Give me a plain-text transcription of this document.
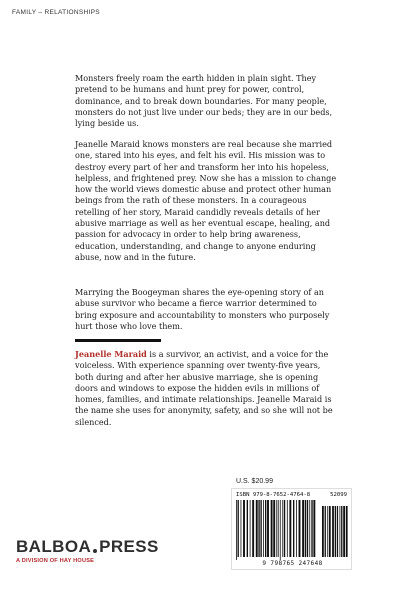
FAMILY – RELATIONSHIPS

Monsters freely roam the earth hidden in plain sight. They pretend to be humans and hunt prey for power, control, dominance, and to break down boundaries. For many people, monsters do not just live under our beds; they are in our beds, lying beside us.

Jeanelle Maraid knows monsters are real because she married one, stared into his eyes, and felt his evil. His mission was to destroy every part of her and transform her into his hopeless, helpless, and frightened prey. Now she has a mission to change how the world views domestic abuse and protect other human beings from the rath of these monsters. In a courageous retelling of her story, Maraid candidly reveals details of her abusive marriage as well as her eventual escape, healing, and passion for advocacy in order to help bring awareness, education, understanding, and change to anyone enduring abuse, now and in the future.

Marrying the Boogeyman shares the eye-opening story of an abuse survivor who became a fierce warrior determined to bring exposure and accountability to monsters who purposely hurt those who love them.

Jeanelle Maraid is a survivor, an activist, and a voice for the voiceless. With experience spanning over twenty-five years, both during and after her abusive marriage, she is opening doors and windows to expose the hidden evils in millions of homes, families, and intimate relationships. Jeanelle Maraid is the name she uses for anonymity, safety, and so she will not be silenced.

U.S. $20.99
ISBN 979-8-7652-4764-8	52099
9 798765 247648
BALBOA PRESS
A DIVISION OF HAY HOUSE
